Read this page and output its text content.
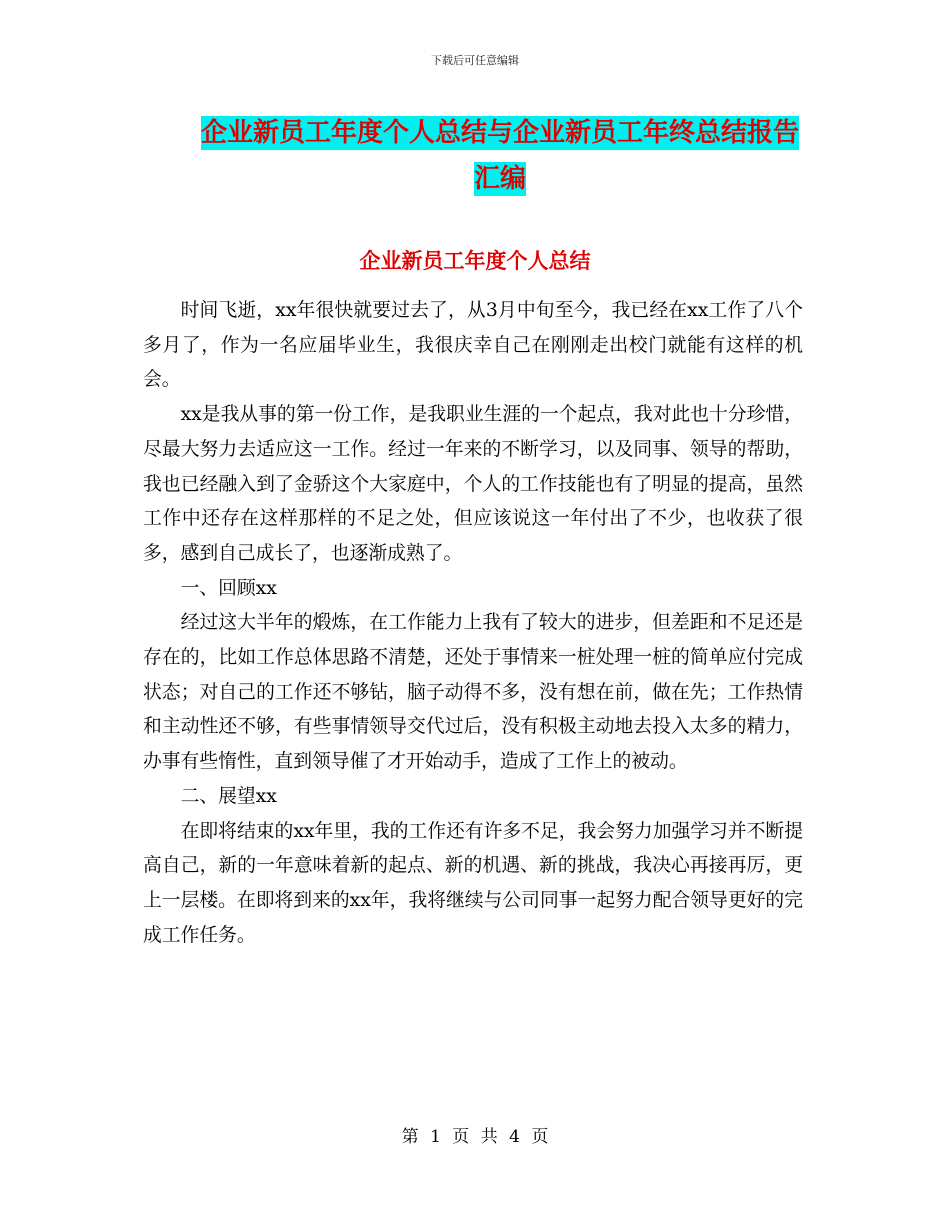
下载后可任意编辑
企业新员工年度个人总结与企业新员工年终总结报告
汇编
企业新员工年度个人总结

时间飞逝，xx年很快就要过去了，从3月中旬至今，我已经在xx工作了八个多月了，作为一名应届毕业生，我很庆幸自己在刚刚走出校门就能有这样的机会。

xx是我从事的第一份工作，是我职业生涯的一个起点，我对此也十分珍惜，尽最大努力去适应这一工作。经过一年来的不断学习，以及同事、领导的帮助，我也已经融入到了金骄这个大家庭中，个人的工作技能也有了明显的提高，虽然工作中还存在这样那样的不足之处，但应该说这一年付出了不少，也收获了很多，感到自己成长了，也逐渐成熟了。

一、回顾xx

经过这大半年的煅炼，在工作能力上我有了较大的进步，但差距和不足还是存在的，比如工作总体思路不清楚，还处于事情来一桩处理一桩的简单应付完成状态；对自己的工作还不够钻，脑子动得不多，没有想在前，做在先；工作热情和主动性还不够，有些事情领导交代过后，没有积极主动地去投入太多的精力，办事有些惰性，直到领导催了才开始动手，造成了工作上的被动。

二、展望xx

在即将结束的xx年里，我的工作还有许多不足，我会努力加强学习并不断提高自己，新的一年意味着新的起点、新的机遇、新的挑战，我决心再接再厉，更上一层楼。在即将到来的xx年，我将继续与公司同事一起努力配合领导更好的完成工作任务。

第 1 页 共 4 页
